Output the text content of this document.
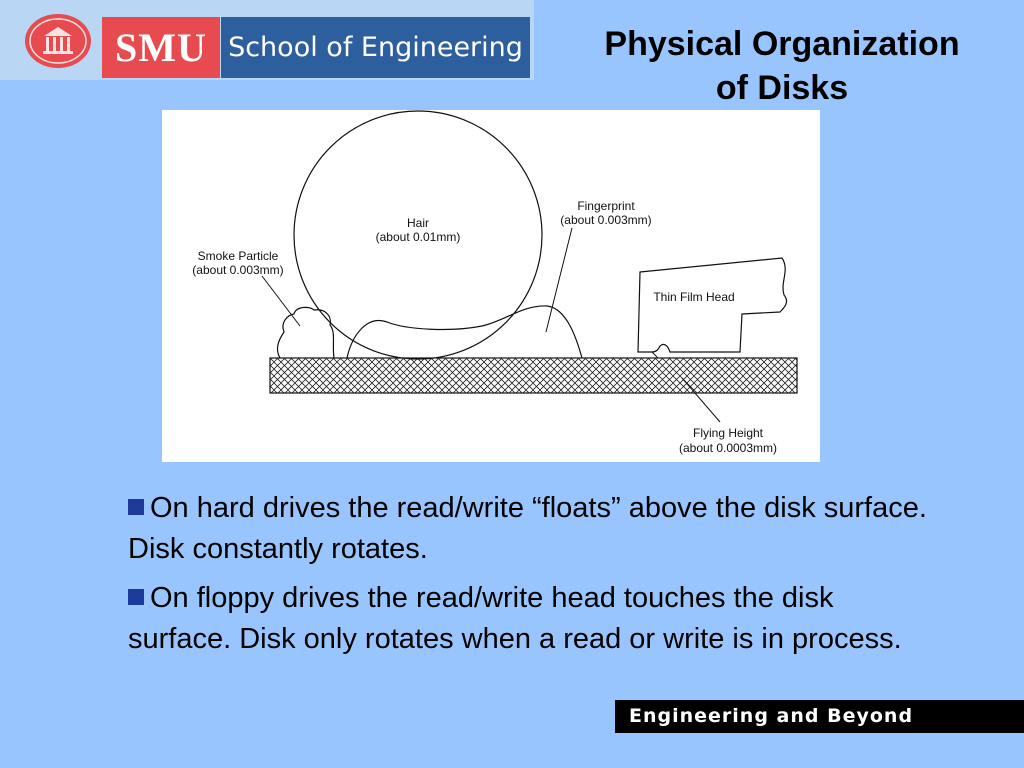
SMU School of Engineering	Physical Organization
of Disks
Hair
(about 0.01mm)
Fingerprint
(about 0.003mm)
Smoke Particle
(about 0.003mm)
Thin Film Head
Flying Height
(about 0.0003mm)
On hard drives the read/write “floats” above the disk surface. Disk constantly rotates.
On floppy drives the read/write head touches the disk surface. Disk only rotates when a read or write is in process.
Engineering and Beyond
